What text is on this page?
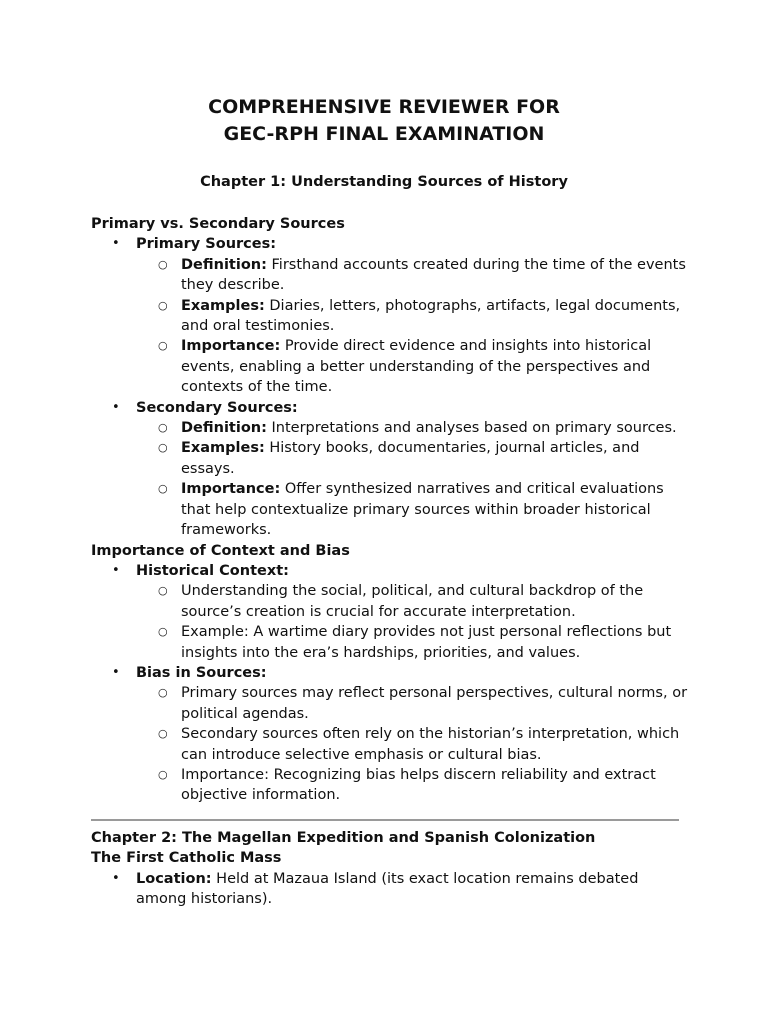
COMPREHENSIVE REVIEWER FOR
GEC-RPH FINAL EXAMINATION
Chapter 1: Understanding Sources of History
Primary vs. Secondary Sources
• Primary Sources:
○ Definition: Firsthand accounts created during the time of the events they describe.
○ Examples: Diaries, letters, photographs, artifacts, legal documents, and oral testimonies.
○ Importance: Provide direct evidence and insights into historical events, enabling a better understanding of the perspectives and contexts of the time.
• Secondary Sources:
○ Definition: Interpretations and analyses based on primary sources.
○ Examples: History books, documentaries, journal articles, and essays.
○ Importance: Offer synthesized narratives and critical evaluations that help contextualize primary sources within broader historical frameworks.
Importance of Context and Bias
• Historical Context:
○ Understanding the social, political, and cultural backdrop of the source’s creation is crucial for accurate interpretation.
○ Example: A wartime diary provides not just personal reflections but insights into the era’s hardships, priorities, and values.
• Bias in Sources:
○ Primary sources may reflect personal perspectives, cultural norms, or political agendas.
○ Secondary sources often rely on the historian’s interpretation, which can introduce selective emphasis or cultural bias.
○ Importance: Recognizing bias helps discern reliability and extract objective information.
Chapter 2: The Magellan Expedition and Spanish Colonization
The First Catholic Mass
• Location: Held at Mazaua Island (its exact location remains debated among historians).
